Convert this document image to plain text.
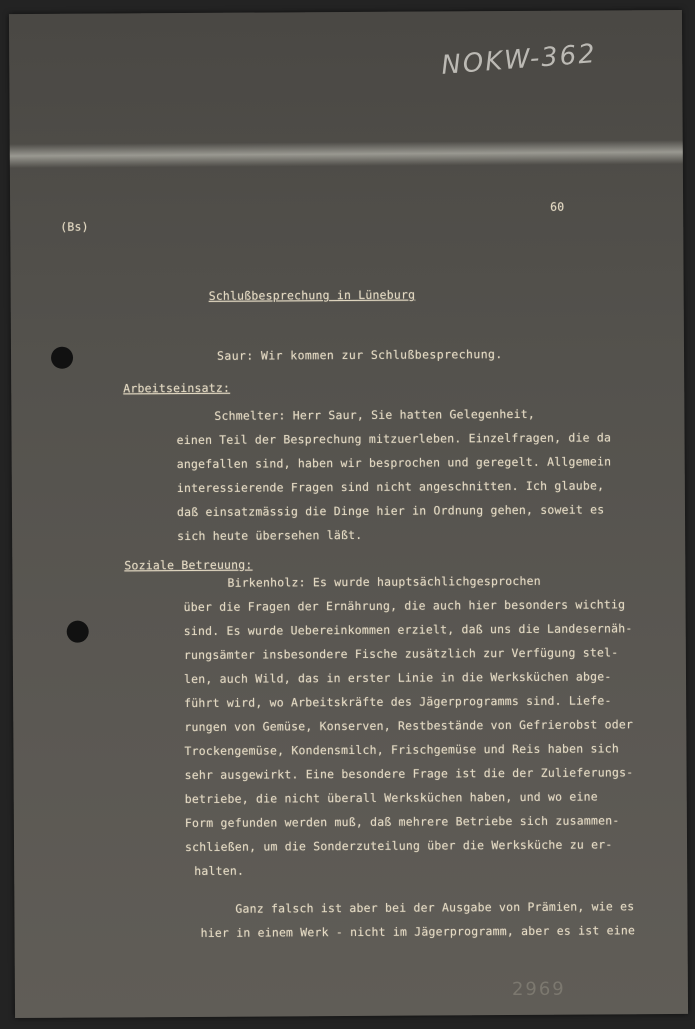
NOKW-362
(Bs)
60
Schlußbesprechung in Lüneburg
Saur: Wir kommen zur Schlußbesprechung.
Arbeitseinsatz:
Schmelter: Herr Saur, Sie hatten Gelegenheit,
einen Teil der Besprechung mitzuerleben. Einzelfragen, die da
angefallen sind, haben wir besprochen und geregelt. Allgemein
interessierende Fragen sind nicht angeschnitten. Ich glaube,
daß einsatzmässig die Dinge hier in Ordnung gehen, soweit es
sich heute übersehen läßt.
Soziale Betreuung:
Birkenholz: Es wurde hauptsächlichgesprochen
über die Fragen der Ernährung, die auch hier besonders wichtig
sind. Es wurde Uebereinkommen erzielt, daß uns die Landesernäh-
rungsämter insbesondere Fische zusätzlich zur Verfügung stel-
len, auch Wild, das in erster Linie in die Werksküchen abge-
führt wird, wo Arbeitskräfte des Jägerprogramms sind. Liefe-
rungen von Gemüse, Konserven, Restbestände von Gefrierobst oder
Trockengemüse, Kondensmilch, Frischgemüse und Reis haben sich
sehr ausgewirkt. Eine besondere Frage ist die der Zulieferungs-
betriebe, die nicht überall Werksküchen haben, und wo eine
Form gefunden werden muß, daß mehrere Betriebe sich zusammen-
schließen, um die Sonderzuteilung über die Werksküche zu er-
halten.
Ganz falsch ist aber bei der Ausgabe von Prämien, wie es
hier in einem Werk - nicht im Jägerprogramm, aber es ist eine
2969
